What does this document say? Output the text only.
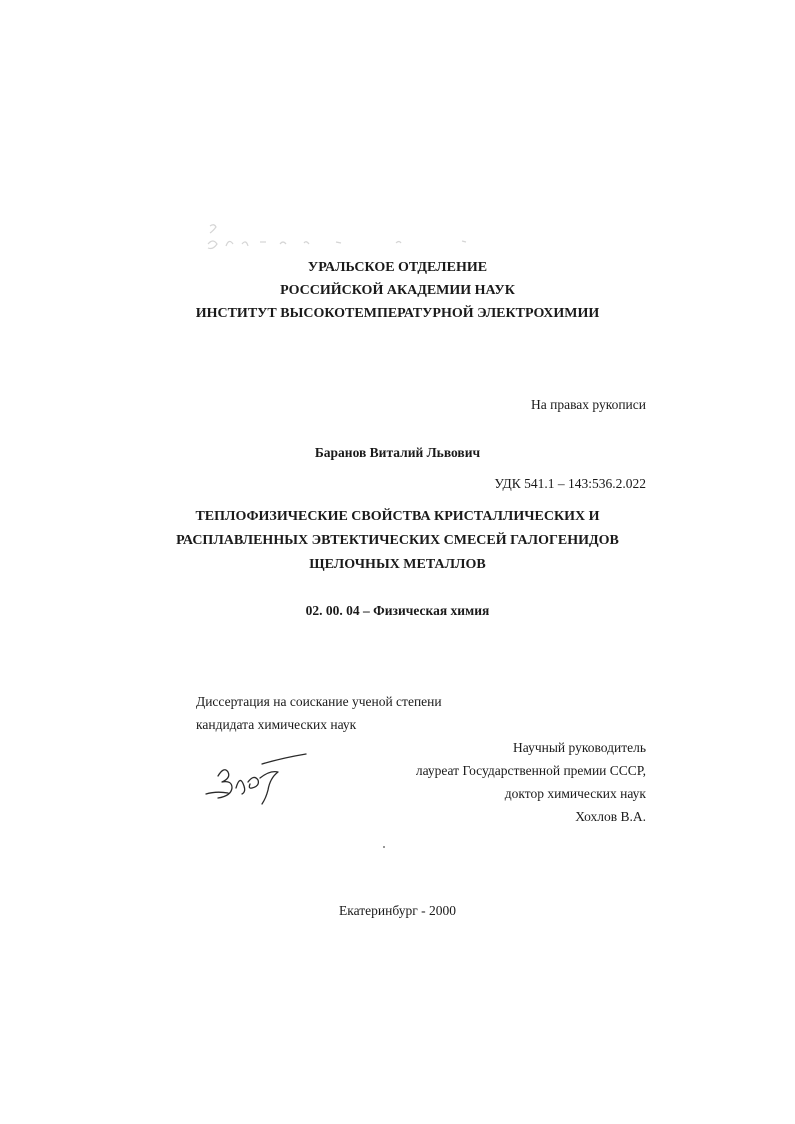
УРАЛЬСКОЕ ОТДЕЛЕНИЕ
РОССИЙСКОЙ АКАДЕМИИ НАУК
ИНСТИТУТ ВЫСОКОТЕМПЕРАТУРНОЙ ЭЛЕКТРОХИМИИ
На правах рукописи
Баранов Виталий Львович
УДК 541.1 – 143:536.2.022
ТЕПЛОФИЗИЧЕСКИЕ СВОЙСТВА КРИСТАЛЛИЧЕСКИХ И
РАСПЛАВЛЕННЫХ ЭВТЕКТИЧЕСКИХ СМЕСЕЙ ГАЛОГЕНИДОВ
ЩЕЛОЧНЫХ МЕТАЛЛОВ
02. 00. 04 – Физическая химия
Диссертация на соискание ученой степени
кандидата химических наук
Научный руководитель
лауреат Государственной премии СССР,
доктор химических наук
Хохлов В.А.
Екатеринбург - 2000
